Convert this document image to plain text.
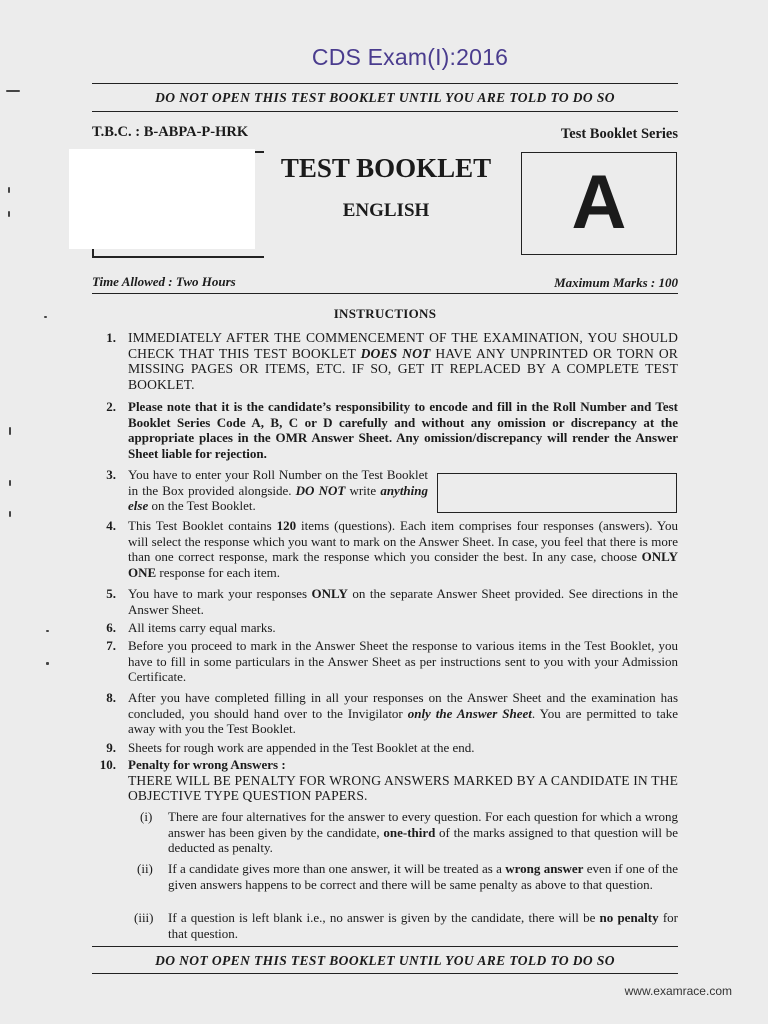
CDS Exam(I):2016
DO NOT OPEN THIS TEST BOOKLET UNTIL YOU ARE TOLD TO DO SO
T.B.C. : B-ABPA-P-HRK	Test Booklet Series
TEST BOOKLET
ENGLISH	A
Time Allowed : Two Hours	Maximum Marks : 100
INSTRUCTIONS
1. IMMEDIATELY AFTER THE COMMENCEMENT OF THE EXAMINATION, YOU SHOULD CHECK THAT THIS TEST BOOKLET DOES NOT HAVE ANY UNPRINTED OR TORN OR MISSING PAGES OR ITEMS, ETC. IF SO, GET IT REPLACED BY A COMPLETE TEST BOOKLET.
2. Please note that it is the candidate’s responsibility to encode and fill in the Roll Number and Test Booklet Series Code A, B, C or D carefully and without any omission or discrepancy at the appropriate places in the OMR Answer Sheet. Any omission/discrepancy will render the Answer Sheet liable for rejection.
3. You have to enter your Roll Number on the Test Booklet in the Box provided alongside. DO NOT write anything else on the Test Booklet.
4. This Test Booklet contains 120 items (questions). Each item comprises four responses (answers). You will select the response which you want to mark on the Answer Sheet. In case, you feel that there is more than one correct response, mark the response which you consider the best. In any case, choose ONLY ONE response for each item.
5. You have to mark your responses ONLY on the separate Answer Sheet provided. See directions in the Answer Sheet.
6. All items carry equal marks.
7. Before you proceed to mark in the Answer Sheet the response to various items in the Test Booklet, you have to fill in some particulars in the Answer Sheet as per instructions sent to you with your Admission Certificate.
8. After you have completed filling in all your responses on the Answer Sheet and the examination has concluded, you should hand over to the Invigilator only the Answer Sheet. You are permitted to take away with you the Test Booklet.
9. Sheets for rough work are appended in the Test Booklet at the end.
10. Penalty for wrong Answers :
THERE WILL BE PENALTY FOR WRONG ANSWERS MARKED BY A CANDIDATE IN THE OBJECTIVE TYPE QUESTION PAPERS.
(i)	There are four alternatives for the answer to every question. For each question for which a wrong answer has been given by the candidate, one-third of the marks assigned to that question will be deducted as penalty.
(ii)	If a candidate gives more than one answer, it will be treated as a wrong answer even if one of the given answers happens to be correct and there will be same penalty as above to that question.
(iii)	If a question is left blank i.e., no answer is given by the candidate, there will be no penalty for that question.
DO NOT OPEN THIS TEST BOOKLET UNTIL YOU ARE TOLD TO DO SO
www.examrace.com
